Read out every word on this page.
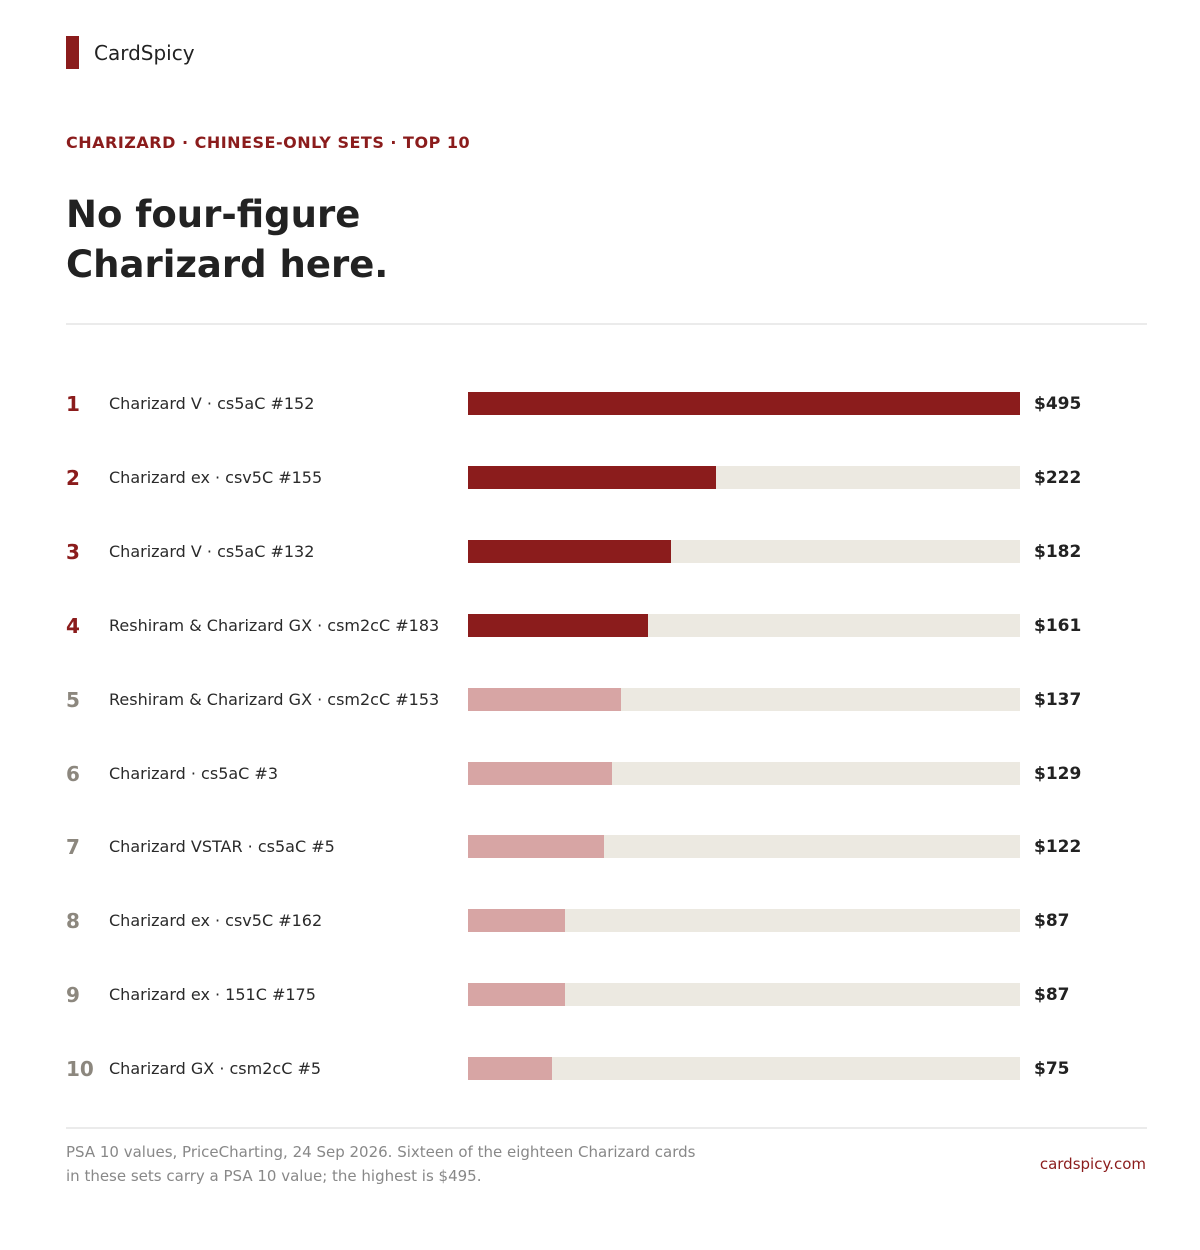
CardSpicy
CHARIZARD · CHINESE-ONLY SETS · TOP 10
No four-figure
Charizard here.
1 Charizard V · cs5aC #152	$495
2 Charizard ex · csv5C #155	$222
3 Charizard V · cs5aC #132	$182
4 Reshiram & Charizard GX · csm2cC #183	$161
5 Reshiram & Charizard GX · csm2cC #153	$137
6 Charizard · cs5aC #3	$129
7 Charizard VSTAR · cs5aC #5	$122
8 Charizard ex · csv5C #162	$87
9 Charizard ex · 151C #175	$87
10 Charizard GX · csm2cC #5	$75

PSA 10 values, PriceCharting, 24 Sep 2026. Sixteen of the eighteen Charizard cards in these sets carry a PSA 10 value; the highest is $495.

cardspicy.com
